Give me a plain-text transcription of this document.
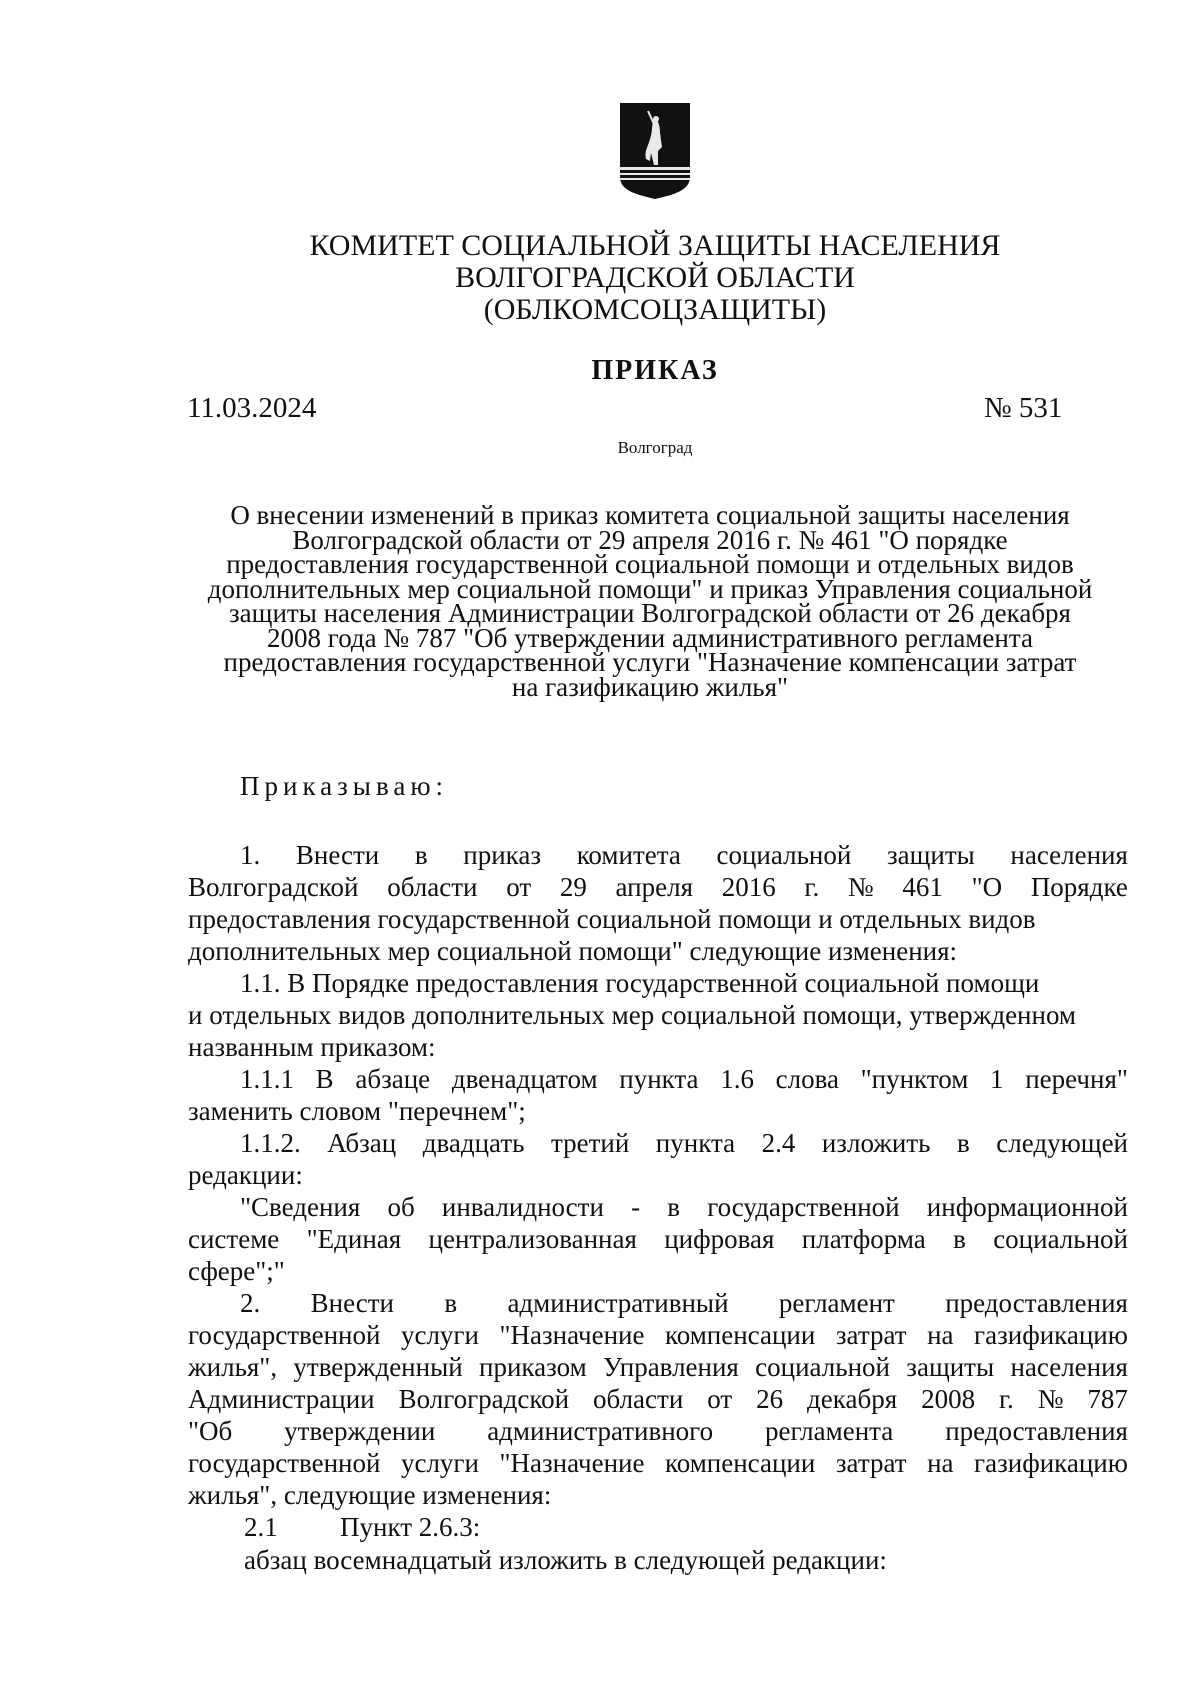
КОМИТЕТ СОЦИАЛЬНОЙ ЗАЩИТЫ НАСЕЛЕНИЯ
ВОЛГОГРАДСКОЙ ОБЛАСТИ
(ОБЛКОМСОЦЗАЩИТЫ)
ПРИКАЗ
11.03.2024	№ 531
Волгоград
О внесении изменений в приказ комитета социальной защиты населения
Волгоградской области от 29 апреля 2016 г. № 461 "О порядке
предоставления государственной социальной помощи и отдельных видов
дополнительных мер социальной помощи" и приказ Управления социальной
защиты населения Администрации Волгоградской области от 26 декабря
2008 года № 787 "Об утверждении административного регламента
предоставления государственной услуги "Назначение компенсации затрат
на газификацию жилья"
Приказываю:
1. Внести в приказ комитета социальной защиты населения
Волгоградской области от 29 апреля 2016 г. № 461 "О Порядке
предоставления государственной социальной помощи и отдельных видов
дополнительных мер социальной помощи" следующие изменения:
1.1. В Порядке предоставления государственной социальной помощи
и отдельных видов дополнительных мер социальной помощи, утвержденном
названным приказом:
1.1.1 В абзаце двенадцатом пункта 1.6 слова "пунктом 1 перечня"
заменить словом "перечнем";
1.1.2. Абзац двадцать третий пункта 2.4 изложить в следующей
редакции:
"Сведения об инвалидности - в государственной информационной
системе "Единая централизованная цифровая платформа в социальной
сфере";"
2. Внести в административный регламент предоставления
государственной услуги "Назначение компенсации затрат на газификацию
жилья", утвержденный приказом Управления социальной защиты населения
Администрации Волгоградской области от 26 декабря 2008 г. № 787
"Об утверждении административного регламента предоставления
государственной услуги "Назначение компенсации затрат на газификацию
жилья", следующие изменения:
2.1	Пункт 2.6.3:
абзац восемнадцатый изложить в следующей редакции:
